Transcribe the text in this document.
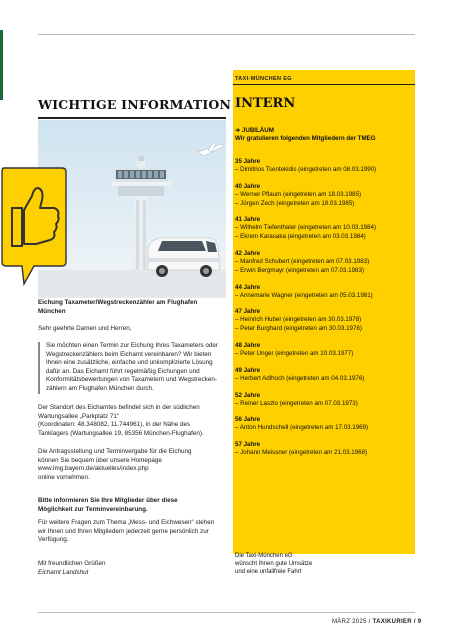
WICHTIGE INFORMATION
Eichung Taxameter/Wegstreckenzähler am Flughafen München
Sehr geehrte Damen und Herren,
Sie möchten einen Termin zur Eichung Ihres Taxameters oder
Wegstreckenzählers beim Eichamt vereinbaren? Wir bieten
Ihnen eine zusätzliche, einfache und unkomplizierte Lösung
dafür an. Das Eichamt führt regelmäßig Eichungen und
Konformitätsbewertungen von Taxametern und Wegstrecken-
zählern am Flughafen München durch.
Der Standort des Eichamtes befindet sich in der südlichen
Wartungsallee „Parkplatz 71“
(Koordinaten: 48.348082, 11.744961), in der Nähe des
Tanklagers (Wartungsallee 19, 85356 München-Flughafen).
Die Antragsstellung und Terminvergabe für die Eichung
können Sie bequem über unsere Homepage
www.lmg.bayern.de/aktuelles/index.php
online vornehmen.
Bitte informieren Sie Ihre Mitglieder über diese
Möglichkeit zur Terminvereinbarung.
Für weitere Fragen zum Thema „Mess- und Eichwesen“ stehen
wir Ihnen und Ihren Mitgliedern jederzeit gerne persönlich zur
Verfügung.
Mit freundlichen Grüßen
Eichamt Landshut
TAXI-MÜNCHEN EG
INTERN
➔ JUBILÄUM
Wir gratulieren folgenden Mitgliedern der TMEG
35 Jahre
– Dimitrios Tsentekidis (eingetreten am 08.03.1990)
40 Jahre
– Werner Pflaum (eingetreten am 18.03.1985)
– Jürgen Zech (eingetreten am 18.03.1985)
41 Jahre
– Wilhelm Tiefenthaler (eingetreten am 10.03.1984)
– Ekrem Karasaka (eingetreten am 03.03.1984)
42 Jahre
– Manfred Schubert (eingetreten am 07.03.1983)
– Erwin Bergmayr (eingetreten am 07.03.1983)
44 Jahre
– Annemarie Wagner (eingetreten am 05.03.1981)
47 Jahre
– Heinrich Huber (eingetreten am 30.03.1978)
– Peter Burghard (eingetreten am 30.03.1978)
48 Jahre
– Peter Unger (eingetreten am 10.03.1977)
49 Jahre
– Herbert Adlhoch (eingetreten am 04.03.1976)
52 Jahre
– Reiner Laszlo (eingetreten am 07.03.1973)
56 Jahre
– Anton Hundschell (eingetreten am 17.03.1969)
57 Jahre
– Johann Meissner (eingetreten am 21.03.1968)
Die Taxi-München eG
wünscht Ihnen gute Umsätze
und eine unfallfreie Fahrt
MÄRZ 2025 / TAXIKURIER / 9
